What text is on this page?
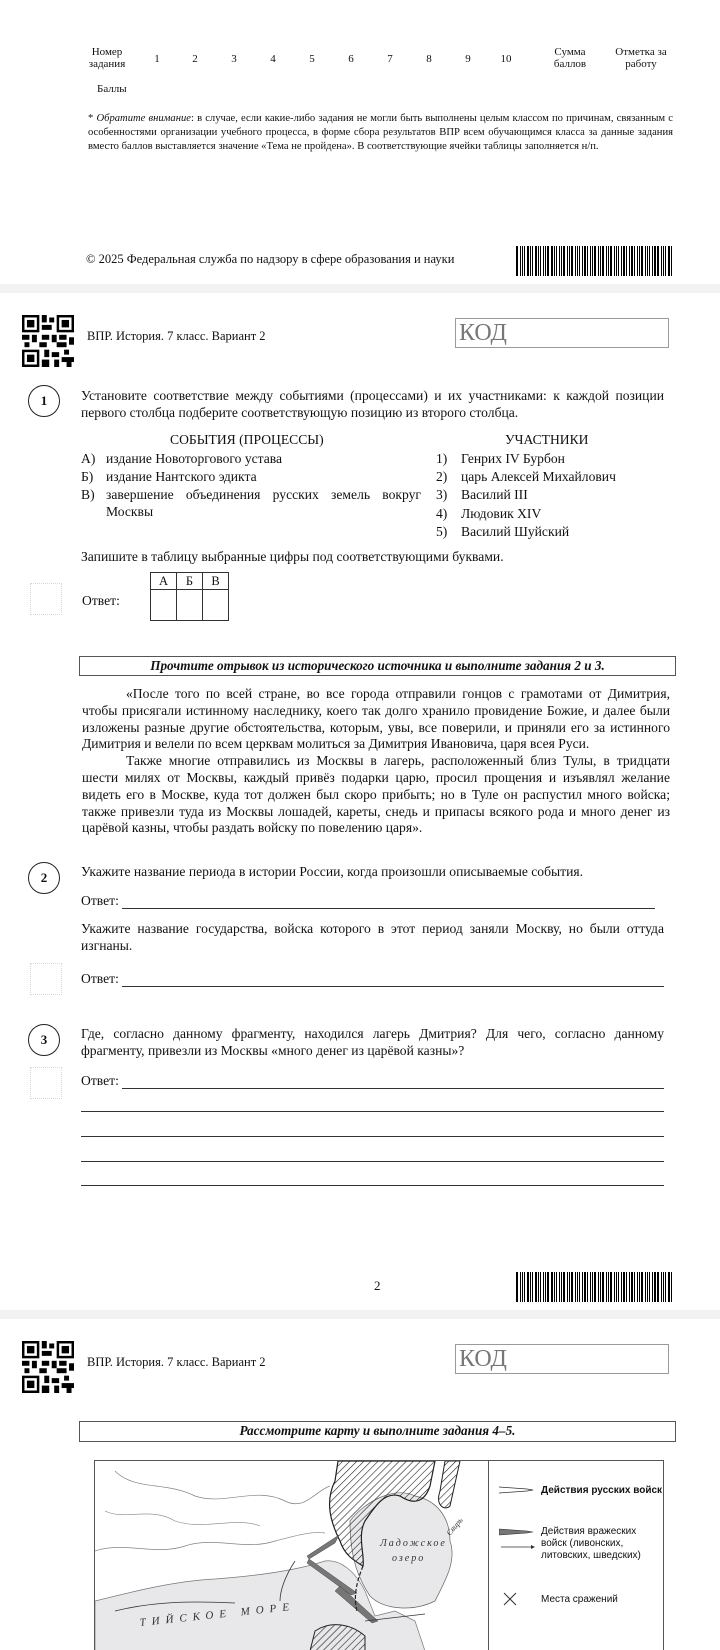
Номер задания	1	2	3	4	5	6	7	8	9	10
Сумма баллов
Отметка за работу
Баллы
* Обратите внимание: в случае, если какие-либо задания не могли быть выполнены целым классом по причинам, связанным с особенностями организации учебного процесса, в форме сбора результатов ВПР всем обучающимся класса за данные задания вместо баллов выставляется значение «Тема не пройдена». В соответствующие ячейки таблицы заполняется н/п.
© 2025 Федеральная служба по надзору в сфере образования и науки
ВПР. История. 7 класс. Вариант 2	КОД
1	Установите соответствие между событиями (процессами) и их участниками: к каждой позиции первого столбца подберите соответствующую позицию из второго столбца.
СОБЫТИЯ (ПРОЦЕССЫ)	УЧАСТНИКИ
А) издание Новоторгового устава
Б) издание Нантского эдикта
В) завершение объединения русских земель вокруг Москвы
1) Генрих IV Бурбон
2) царь Алексей Михайлович
3) Василий III
4) Людовик XIV
5) Василий Шуйский
Запишите в таблицу выбранные цифры под соответствующими буквами.
Ответ:
А	Б	В

Прочтите отрывок из исторического источника и выполните задания 2 и 3.

«После того по всей стране, во все города отправили гонцов с грамотами от Димитрия, чтобы присягали истинному наследнику, коего так долго хранило провидение Божие, и далее были изложены разные другие обстоятельства, которым, увы, все поверили, и приняли его за истинного Димитрия и велели по всем церквам молиться за Димитрия Ивановича, царя всея Руси.

Также многие отправились из Москвы в лагерь, расположенный близ Тулы, в тридцати шести милях от Москвы, каждый привёз подарки царю, просил прощения и изъявлял желание видеть его в Москве, куда тот должен был скоро прибыть; но в Туле он распустил много войска; также привезли туда из Москвы лошадей, кареты, снедь и припасы всякого рода и много денег из царёвой казны, чтобы раздать войску по повелению царя».

2	Укажите название периода в истории России, когда произошли описываемые события.
Ответ:
Укажите название государства, войска которого в этот период заняли Москву, но были оттуда изгнаны.
Ответ:
3	Где, согласно данному фрагменту, находился лагерь Дмитрия? Для чего, согласно данному фрагменту, привезли из Москвы «много денег из царёвой казны»?
Ответ:
2
ВПР. История. 7 класс. Вариант 2	КОД
Рассмотрите карту и выполните задания 4–5.
Ладожское
озеро
ТИЙСКОЕ МОРЕ
Свирь
Действия русских войск
Действия вражеских
войск (ливонских,
литовских, шведских)
Места сражений
